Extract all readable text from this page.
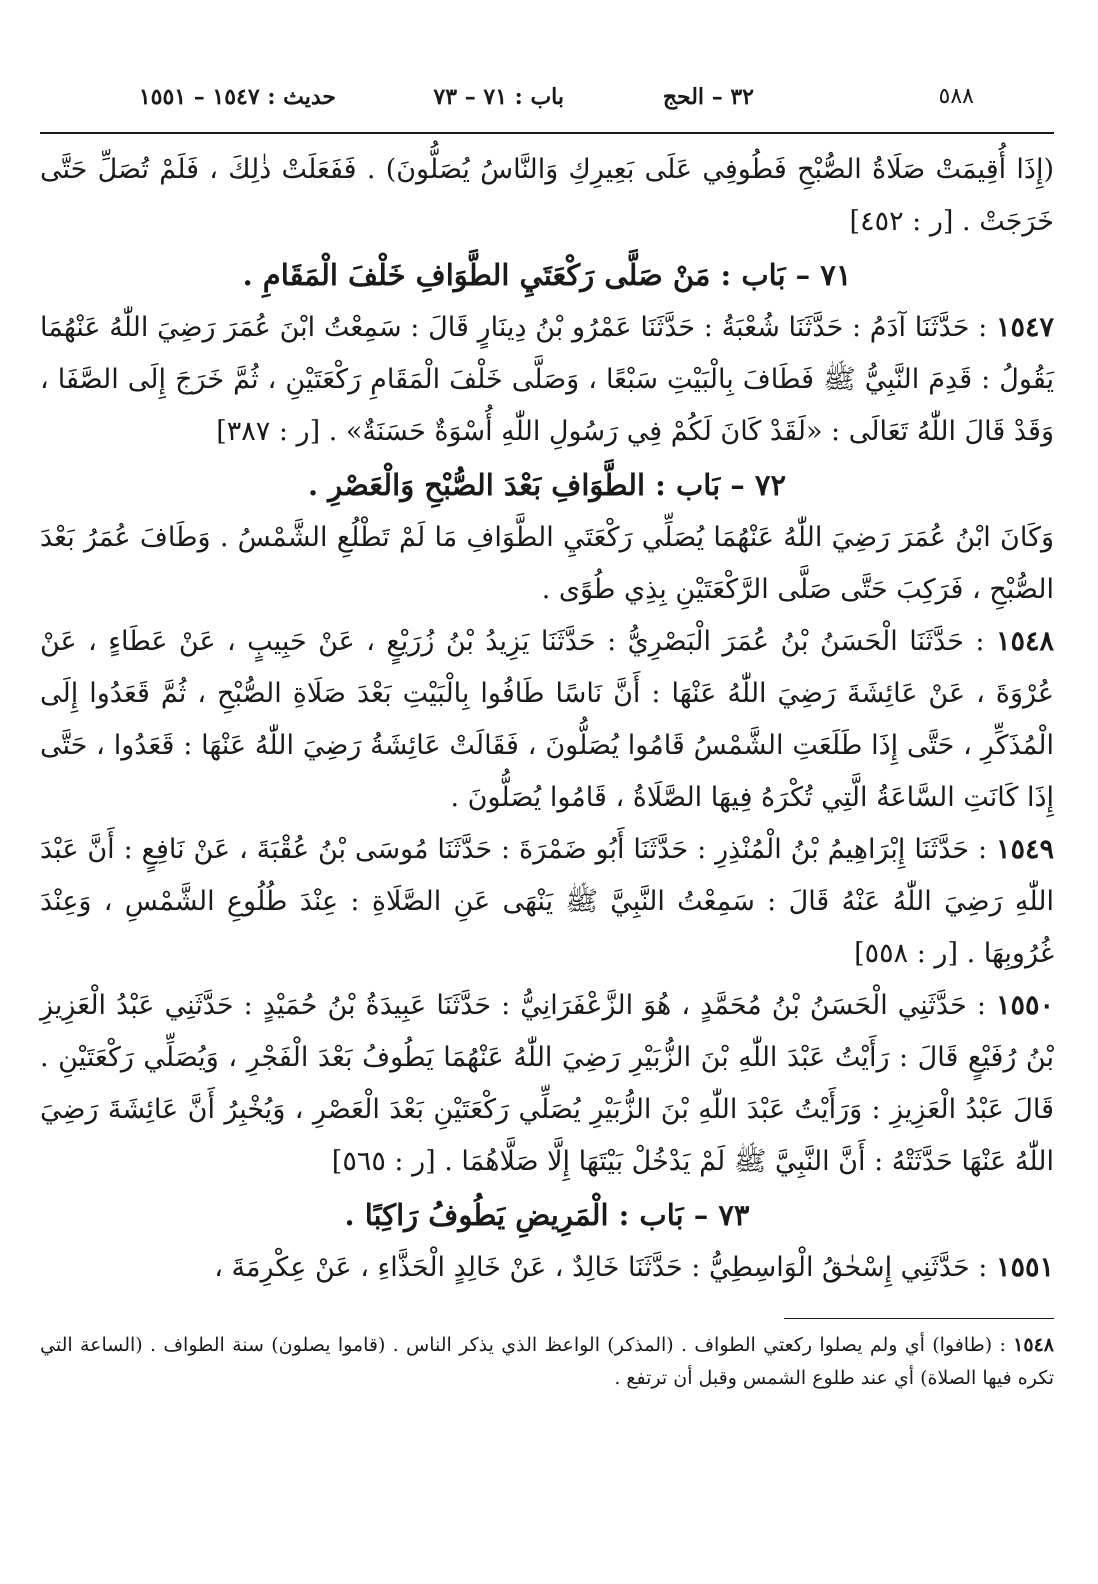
٥٨٨
٣٢ – الحج
باب : ٧١ – ٧٣
حديث : ١٥٤٧ – ١٥٥١

(إِذَا أُقِيمَتْ صَلَاةُ الصُّبْحِ فَطُوفِي عَلَى بَعِيرِكِ وَالنَّاسُ يُصَلُّونَ) . فَفَعَلَتْ ذٰلِكَ ، فَلَمْ تُصَلِّ حَتَّى خَرَجَتْ . [ر : ٤٥٢]

٧١ – بَاب : مَنْ صَلَّى رَكْعَتَيِ الطَّوَافِ خَلْفَ الْمَقَامِ .

١٥٤٧ : حَدَّثَنَا آدَمُ : حَدَّثَنَا شُعْبَةُ : حَدَّثَنَا عَمْرُو بْنُ دِينَارٍ قَالَ : سَمِعْتُ ابْنَ عُمَرَ رَضِيَ اللّٰهُ عَنْهُمَا يَقُولُ : قَدِمَ النَّبِيُّ ﷺ فَطَافَ بِالْبَيْتِ سَبْعًا ، وَصَلَّى خَلْفَ الْمَقَامِ رَكْعَتَيْنِ ، ثُمَّ خَرَجَ إِلَى الصَّفَا ، وَقَدْ قَالَ اللّٰهُ تَعَالَى : «لَقَدْ كَانَ لَكُمْ فِي رَسُولِ اللّٰهِ أُسْوَةٌ حَسَنَةٌ» . [ر : ٣٨٧]

٧٢ – بَاب : الطَّوَافِ بَعْدَ الصُّبْحِ وَالْعَصْرِ .

وَكَانَ ابْنُ عُمَرَ رَضِيَ اللّٰهُ عَنْهُمَا يُصَلِّي رَكْعَتَيِ الطَّوَافِ مَا لَمْ تَطْلُعِ الشَّمْسُ . وَطَافَ عُمَرُ بَعْدَ الصُّبْحِ ، فَرَكِبَ حَتَّى صَلَّى الرَّكْعَتَيْنِ بِذِي طُوًى .

١٥٤٨ : حَدَّثَنَا الْحَسَنُ بْنُ عُمَرَ الْبَصْرِيُّ : حَدَّثَنَا يَزِيدُ بْنُ زُرَيْعٍ ، عَنْ حَبِيبٍ ، عَنْ عَطَاءٍ ، عَنْ عُرْوَةَ ، عَنْ عَائِشَةَ رَضِيَ اللّٰهُ عَنْهَا : أَنَّ نَاسًا طَافُوا بِالْبَيْتِ بَعْدَ صَلَاةِ الصُّبْحِ ، ثُمَّ قَعَدُوا إِلَى الْمُذَكِّرِ ، حَتَّى إِذَا طَلَعَتِ الشَّمْسُ قَامُوا يُصَلُّونَ ، فَقَالَتْ عَائِشَةُ رَضِيَ اللّٰهُ عَنْهَا : قَعَدُوا ، حَتَّى إِذَا كَانَتِ السَّاعَةُ الَّتِي تُكْرَهُ فِيهَا الصَّلَاةُ ، قَامُوا يُصَلُّونَ .

١٥٤٩ : حَدَّثَنَا إِبْرَاهِيمُ بْنُ الْمُنْذِرِ : حَدَّثَنَا أَبُو ضَمْرَةَ : حَدَّثَنَا مُوسَى بْنُ عُقْبَةَ ، عَنْ نَافِعٍ : أَنَّ عَبْدَ اللّٰهِ رَضِيَ اللّٰهُ عَنْهُ قَالَ : سَمِعْتُ النَّبِيَّ ﷺ يَنْهَى عَنِ الصَّلَاةِ : عِنْدَ طُلُوعِ الشَّمْسِ ، وَعِنْدَ غُرُوبِهَا . [ر : ٥٥٨]

١٥٥٠ : حَدَّثَنِي الْحَسَنُ بْنُ مُحَمَّدٍ ، هُوَ الزَّعْفَرَانِيُّ : حَدَّثَنَا عَبِيدَةُ بْنُ حُمَيْدٍ : حَدَّثَنِي عَبْدُ الْعَزِيزِ بْنُ رُفَيْعٍ قَالَ : رَأَيْتُ عَبْدَ اللّٰهِ بْنَ الزُّبَيْرِ رَضِيَ اللّٰهُ عَنْهُمَا يَطُوفُ بَعْدَ الْفَجْرِ ، وَيُصَلِّي رَكْعَتَيْنِ . قَالَ عَبْدُ الْعَزِيزِ : وَرَأَيْتُ عَبْدَ اللّٰهِ بْنَ الزُّبَيْرِ يُصَلِّي رَكْعَتَيْنِ بَعْدَ الْعَصْرِ ، وَيُخْبِرُ أَنَّ عَائِشَةَ رَضِيَ اللّٰهُ عَنْهَا حَدَّثَتْهُ : أَنَّ النَّبِيَّ ﷺ لَمْ يَدْخُلْ بَيْتَهَا إِلَّا صَلَّاهُمَا . [ر : ٥٦٥]

٧٣ – بَاب : الْمَرِيضِ يَطُوفُ رَاكِبًا .

١٥٥١ : حَدَّثَنِي إِسْحٰقُ الْوَاسِطِيُّ : حَدَّثَنَا خَالِدٌ ، عَنْ خَالِدٍ الْحَذَّاءِ ، عَنْ عِكْرِمَةَ ،

١٥٤٨ : (طافوا) أي ولم يصلوا ركعتي الطواف . (المذكر) الواعظ الذي يذكر الناس . (قاموا يصلون) سنة الطواف . (الساعة التي تكره فيها الصلاة) أي عند طلوع الشمس وقبل أن ترتفع .
